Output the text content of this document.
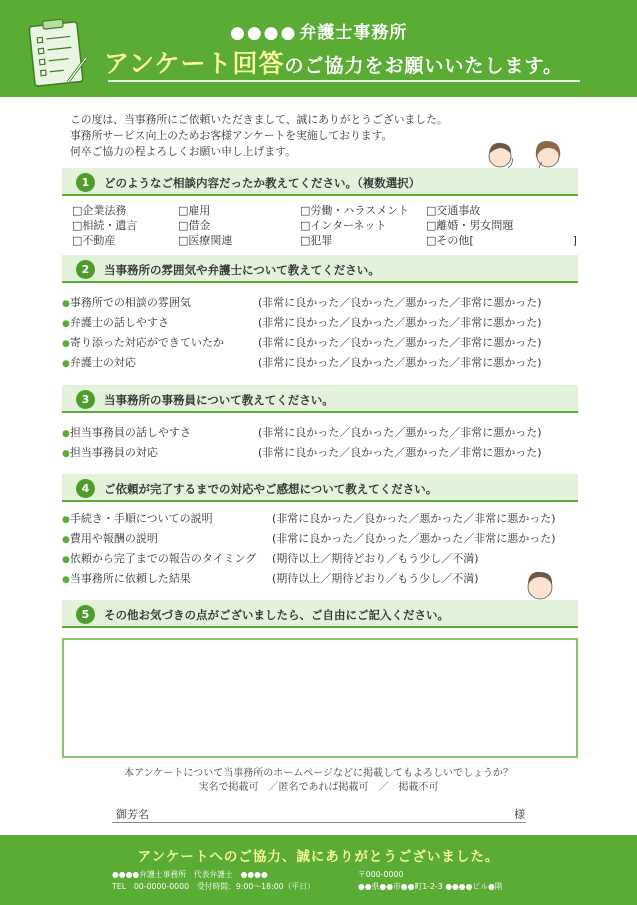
●●●● 弁護士事務所
アンケート回答のご協力をお願いいたします。
この度は、当事務所にご依頼いただきまして、誠にありがとうございました。
事務所サービス向上のためお客様アンケートを実施しております。
何卒ご協力の程よろしくお願い申し上げます。
1	どのようなご相談内容だったか教えてください。（複数選択）
□企業法務	□雇用	□労働・ハラスメント □交通事故
□相続・遺言	□借金	□インターネット	□離婚・男女問題
□不動産	□医療関連	□犯罪	□その他[　　　　　　　　　]
2	当事務所の雰囲気や弁護士について教えてください。
●事務所での相談の雰囲気	(非常に良かった／良かった／悪かった／非常に悪かった)
●弁護士の話しやすさ	(非常に良かった／良かった／悪かった／非常に悪かった)
●寄り添った対応ができていたか	(非常に良かった／良かった／悪かった／非常に悪かった)
●弁護士の対応	(非常に良かった／良かった／悪かった／非常に悪かった)
3	当事務所の事務員について教えてください。
●担当事務員の話しやすさ	(非常に良かった／良かった／悪かった／非常に悪かった)
●担当事務員の対応	(非常に良かった／良かった／悪かった／非常に悪かった)
4	ご依頼が完了するまでの対応やご感想について教えてください。
●手続き・手順についての説明	(非常に良かった／良かった／悪かった／非常に悪かった)
●費用や報酬の説明	(非常に良かった／良かった／悪かった／非常に悪かった)
●依頼から完了までの報告のタイミング (期待以上／期待どおり／もう少し／不満)
●当事務所に依頼した結果	(期待以上／期待どおり／もう少し／不満)
5	その他お気づきの点がございましたら、ご自由にご記入ください。
本アンケートについて当事務所のホームページなどに掲載してもよろしいでしょうか？
実名で掲載可　／匿名であれば掲載可　／　掲載不可
御芳名	様
アンケートへのご協力、誠にありがとうございました。
●●●●弁護士事務所　代表弁護士　●●●●
TEL　00-0000-0000　受付時間：9:00～18:00（平日）
〒000-0000
●●県●●市●●町1-2-3 ●●●●ビル●階
